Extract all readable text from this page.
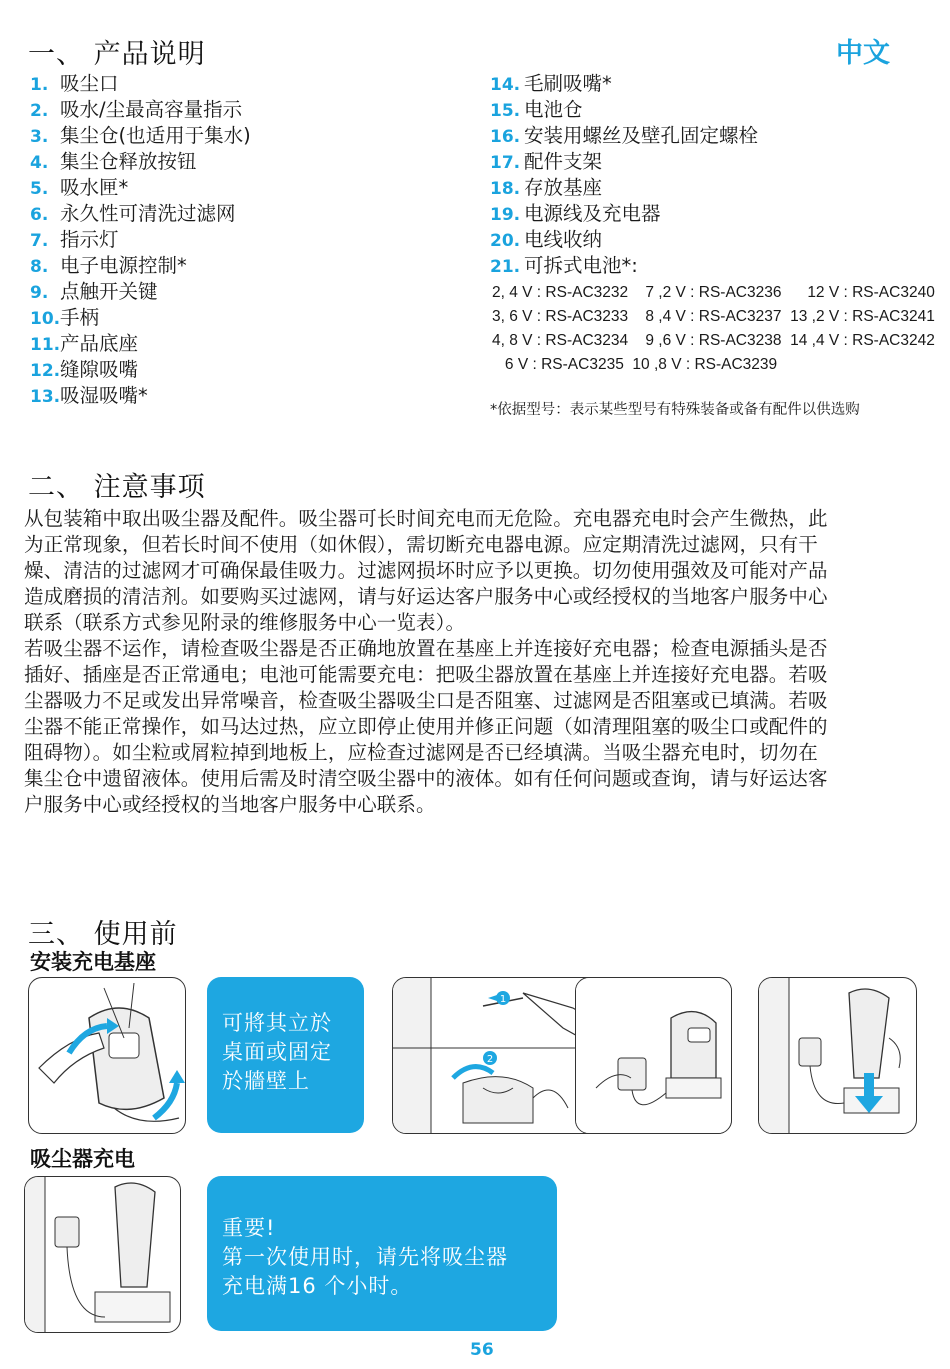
一、 产品说明	中文
1. 吸尘口
2. 吸水/尘最高容量指示
3. 集尘仓(也适用于集水)
4. 集尘仓释放按钮
5. 吸水匣*
6. 永久性可清洗过滤网
7. 指示灯
8. 电子电源控制*
9. 点触开关键
10.手柄
11.产品底座
12.缝隙吸嘴
13.吸湿吸嘴*
14. 毛刷吸嘴*
15. 电池仓
16. 安装用螺丝及壁孔固定螺栓
17. 配件支架
18. 存放基座
19. 电源线及充电器
20. 电线收纳
21. 可拆式电池*:
2, 4 V : RS-AC3232    7 ,2 V : RS-AC3236      12 V : RS-AC3240
3, 6 V : RS-AC3233    8 ,4 V : RS-AC3237  13 ,2 V : RS-AC3241
4, 8 V : RS-AC3234    9 ,6 V : RS-AC3238  14 ,4 V : RS-AC3242
6 V : RS-AC3235  10 ,8 V : RS-AC3239
*依据型号：表示某些型号有特殊装备或备有配件以供选购
二、 注意事项

从包装箱中取出吸尘器及配件。吸尘器可长时间充电而无危险。充电器充电时会产生微热，此为正常现象，但若长时间不使用（如休假），需切断充电器电源。应定期清洗过滤网，只有干燥、清洁的过滤网才可确保最佳吸力。过滤网损坏时应予以更换。切勿使用强效及可能对产品造成磨损的清洁剂。如要购买过滤网，请与好运达客户服务中心或经授权的当地客户服务中心联系（联系方式参见附录的维修服务中心一览表）。

若吸尘器不运作，请检查吸尘器是否正确地放置在基座上并连接好充电器；检查电源插头是否插好、插座是否正常通电；电池可能需要充电：把吸尘器放置在基座上并连接好充电器。若吸尘器吸力不足或发出异常噪音，检查吸尘器吸尘口是否阻塞、过滤网是否阻塞或已填满。若吸尘器不能正常操作，如马达过热，应立即停止使用并修正问题（如清理阻塞的吸尘口或配件的阻碍物）。如尘粒或屑粒掉到地板上，应检查过滤网是否已经填满。当吸尘器充电时，切勿在集尘仓中遗留液体。使用后需及时清空吸尘器中的液体。如有任何问题或查询，请与好运达客户服务中心或经授权的当地客户服务中心联系。

三、 使用前
安装充电基座
可將其立於
桌面或固定
於牆壁上
1
2
吸尘器充电
重要!
第一次使用时，请先将吸尘器
充电满16 个小时。
56
